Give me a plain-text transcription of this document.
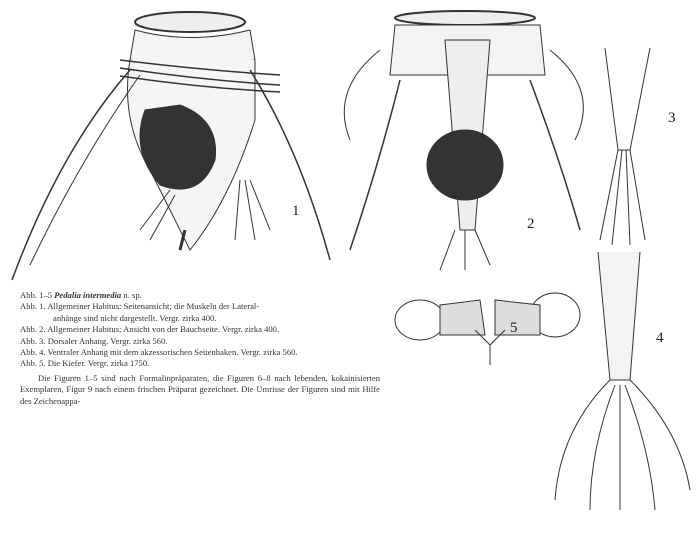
1
2
3
4
5
Abb. 1–5 Pedalia intermedia n. sp.
Abb. 1. Allgemeiner Habitus: Seitenansicht; die Muskeln der Lateral-
anhänge sind nicht dargestellt. Vergr. zirka 400.
Abb. 2. Allgemeiner Habitus; Ansicht von der Bauchseite. Vergr. zirka 400.
Abb. 3. Dorsaler Anhang. Vergr. zirka 560.
Abb. 4. Ventraler Anhang mit dem akzessorischen Seitenhaken. Vergr. zirka 560.
Abb. 5. Die Kiefer. Vergr. zirka 1750.
Die Figuren 1–5 sind nach Formalinpräparaten, die Figuren 6–8 nach lebenden, kokainisierten Exemplaren, Figur 9 nach einem frischen Präparat gezeichnet. Die Umrisse der Figuren sind mit Hilfe des Zeichenappa-
